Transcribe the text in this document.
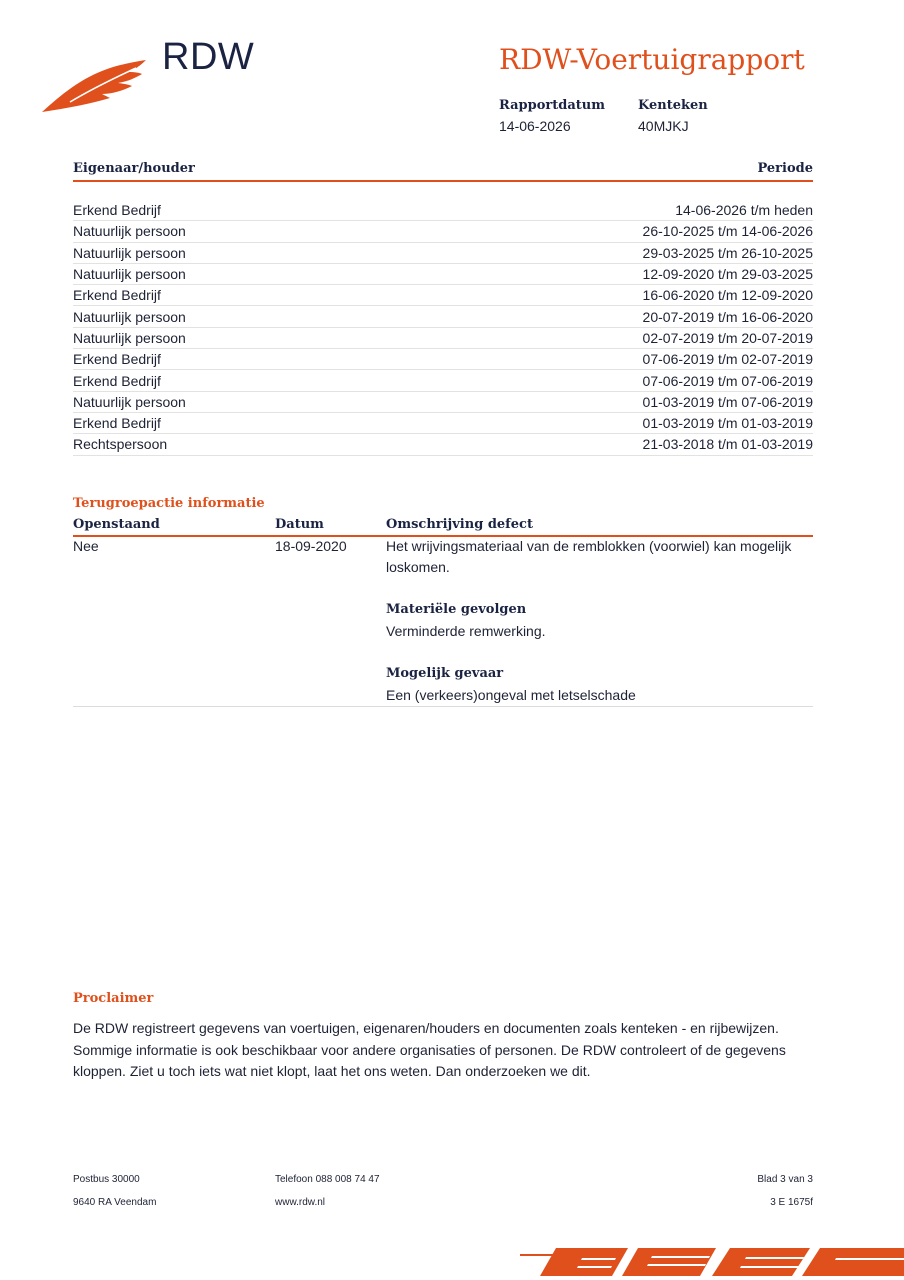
RDW	RDW-Voertuigrapport
Rapportdatum
14-06-2026
Kenteken
40MJKJ
Eigenaar/houder	Periode
Erkend Bedrijf	14-06-2026 t/m heden
Natuurlijk persoon	26-10-2025 t/m 14-06-2026
Natuurlijk persoon	29-03-2025 t/m 26-10-2025
Natuurlijk persoon	12-09-2020 t/m 29-03-2025
Erkend Bedrijf	16-06-2020 t/m 12-09-2020
Natuurlijk persoon	20-07-2019 t/m 16-06-2020
Natuurlijk persoon	02-07-2019 t/m 20-07-2019
Erkend Bedrijf	07-06-2019 t/m 02-07-2019
Erkend Bedrijf	07-06-2019 t/m 07-06-2019
Natuurlijk persoon	01-03-2019 t/m 07-06-2019
Erkend Bedrijf	01-03-2019 t/m 01-03-2019
Rechtspersoon	21-03-2018 t/m 01-03-2019
Terugroepactie informatie
Openstaand	Datum	Omschrijving defect
Nee	18-09-2020	Het wrijvingsmateriaal van de remblokken (voorwiel) kan mogelijk loskomen.
Materiële gevolgen
Verminderde remwerking.
Mogelijk gevaar
Een (verkeers)ongeval met letselschade
Proclaimer
De RDW registreert gegevens van voertuigen, eigenaren/houders en documenten zoals kenteken - en rijbewijzen. Sommige informatie is ook beschikbaar voor andere organisaties of personen. De RDW controleert of de gegevens kloppen. Ziet u toch iets wat niet klopt, laat het ons weten. Dan onderzoeken we dit.
Postbus 30000
9640 RA Veendam
Telefoon 088 008 74 47
www.rdw.nl
Blad 3 van 3
3 E 1675f
